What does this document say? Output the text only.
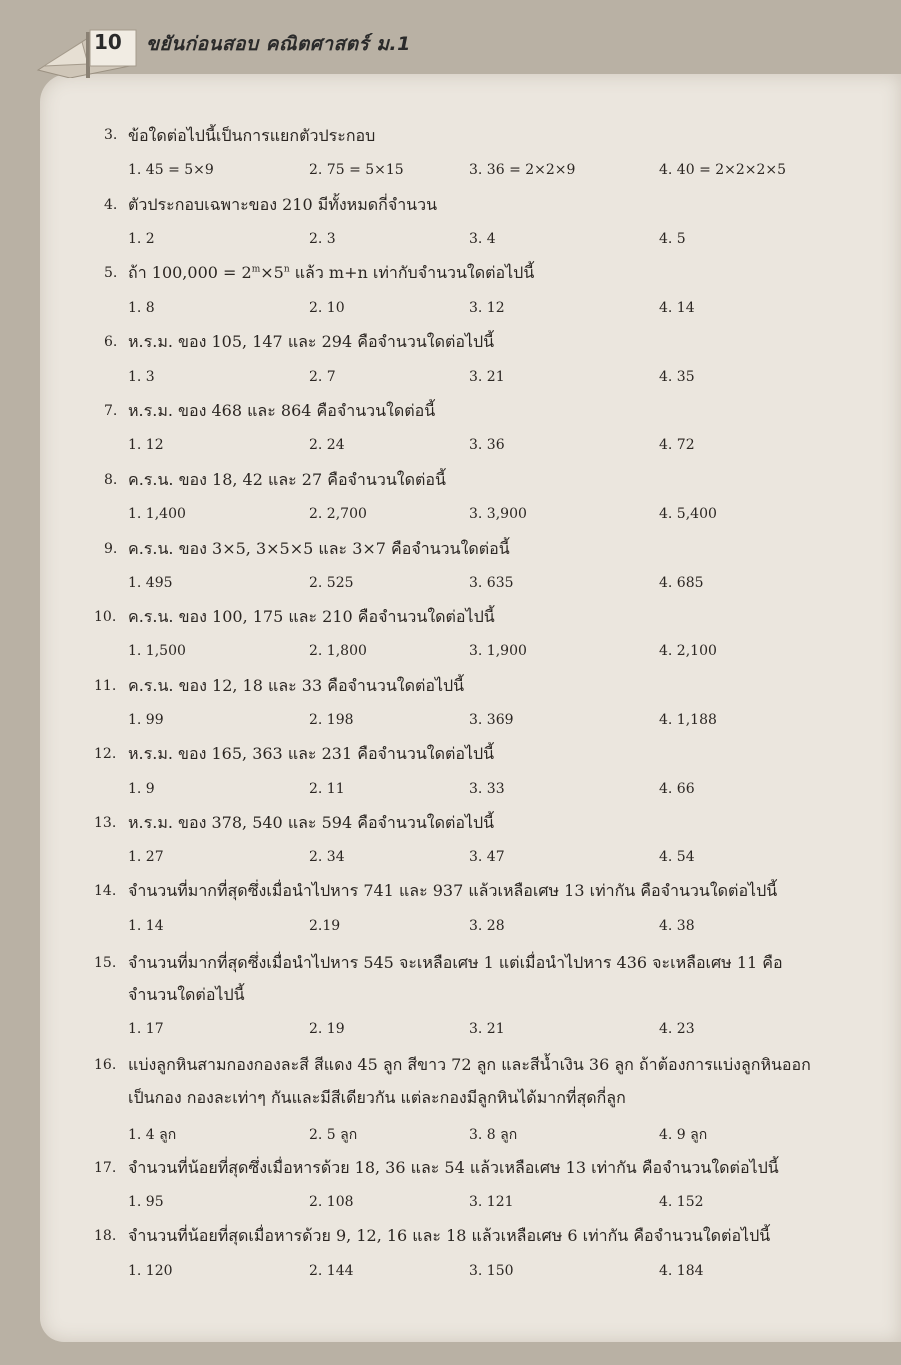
10 ขยันก่อนสอบ คณิตศาสตร์ ม.1
3. ข้อใดต่อไปนี้เป็นการแยกตัวประกอบ
1. 45 = 5×9	2. 75 = 5×15	3. 36 = 2×2×9	4. 40 = 2×2×2×5
4. ตัวประกอบเฉพาะของ 210 มีทั้งหมดกี่จำนวน
1. 2	2. 3	3. 4	4. 5
5. ถ้า $100,000 = 2^m\times 5^n$ แล้ว m+n เท่ากับจำนวนใดต่อไปนี้
1. 8	2. 10	3. 12	4. 14
6. ห.ร.ม. ของ 105, 147 และ 294 คือจำนวนใดต่อไปนี้
1. 3	2. 7	3. 21	4. 35
7. ห.ร.ม. ของ 468 และ 864 คือจำนวนใดต่อนี้
1. 12	2. 24	3. 36	4. 72
8. ค.ร.น. ของ 18, 42 และ 27 คือจำนวนใดต่อนี้
1. 1,400	2. 2,700	3. 3,900	4. 5,400
9. ค.ร.น. ของ 3×5, 3×5×5 และ 3×7 คือจำนวนใดต่อนี้
1. 495	2. 525	3. 635	4. 685
10. ค.ร.น. ของ 100, 175 และ 210 คือจำนวนใดต่อไปนี้
1. 1,500	2. 1,800	3. 1,900	4. 2,100
11. ค.ร.น. ของ 12, 18 และ 33 คือจำนวนใดต่อไปนี้
1. 99	2. 198	3. 369	4. 1,188
12. ห.ร.ม. ของ 165, 363 และ 231 คือจำนวนใดต่อไปนี้
1. 9	2. 11	3. 33	4. 66
13. ห.ร.ม. ของ 378, 540 และ 594 คือจำนวนใดต่อไปนี้
1. 27	2. 34	3. 47	4. 54
14. จำนวนที่มากที่สุดซึ่งเมื่อนำไปหาร 741 และ 937 แล้วเหลือเศษ 13 เท่ากัน คือจำนวนใดต่อไปนี้
1. 14	2.19	3. 28	4. 38
15. จำนวนที่มากที่สุดซึ่งเมื่อนำไปหาร 545 จะเหลือเศษ 1 แต่เมื่อนำไปหาร 436 จะเหลือเศษ 11 คือ
จำนวนใดต่อไปนี้
1. 17	2. 19	3. 21	4. 23
16. แบ่งลูกหินสามกองกองละสี สีแดง 45 ลูก สีขาว 72 ลูก และสีน้ำเงิน 36 ลูก ถ้าต้องการแบ่งลูกหินออก
เป็นกอง กองละเท่าๆ กันและมีสีเดียวกัน แต่ละกองมีลูกหินได้มากที่สุดกี่ลูก
1. 4 ลูก	2. 5 ลูก	3. 8 ลูก	4. 9 ลูก
17. จำนวนที่น้อยที่สุดซึ่งเมื่อหารด้วย 18, 36 และ 54 แล้วเหลือเศษ 13 เท่ากัน คือจำนวนใดต่อไปนี้
1. 95	2. 108	3. 121	4. 152
18. จำนวนที่น้อยที่สุดเมื่อหารด้วย 9, 12, 16 และ 18 แล้วเหลือเศษ 6 เท่ากัน คือจำนวนใดต่อไปนี้
1. 120	2. 144	3. 150	4. 184
